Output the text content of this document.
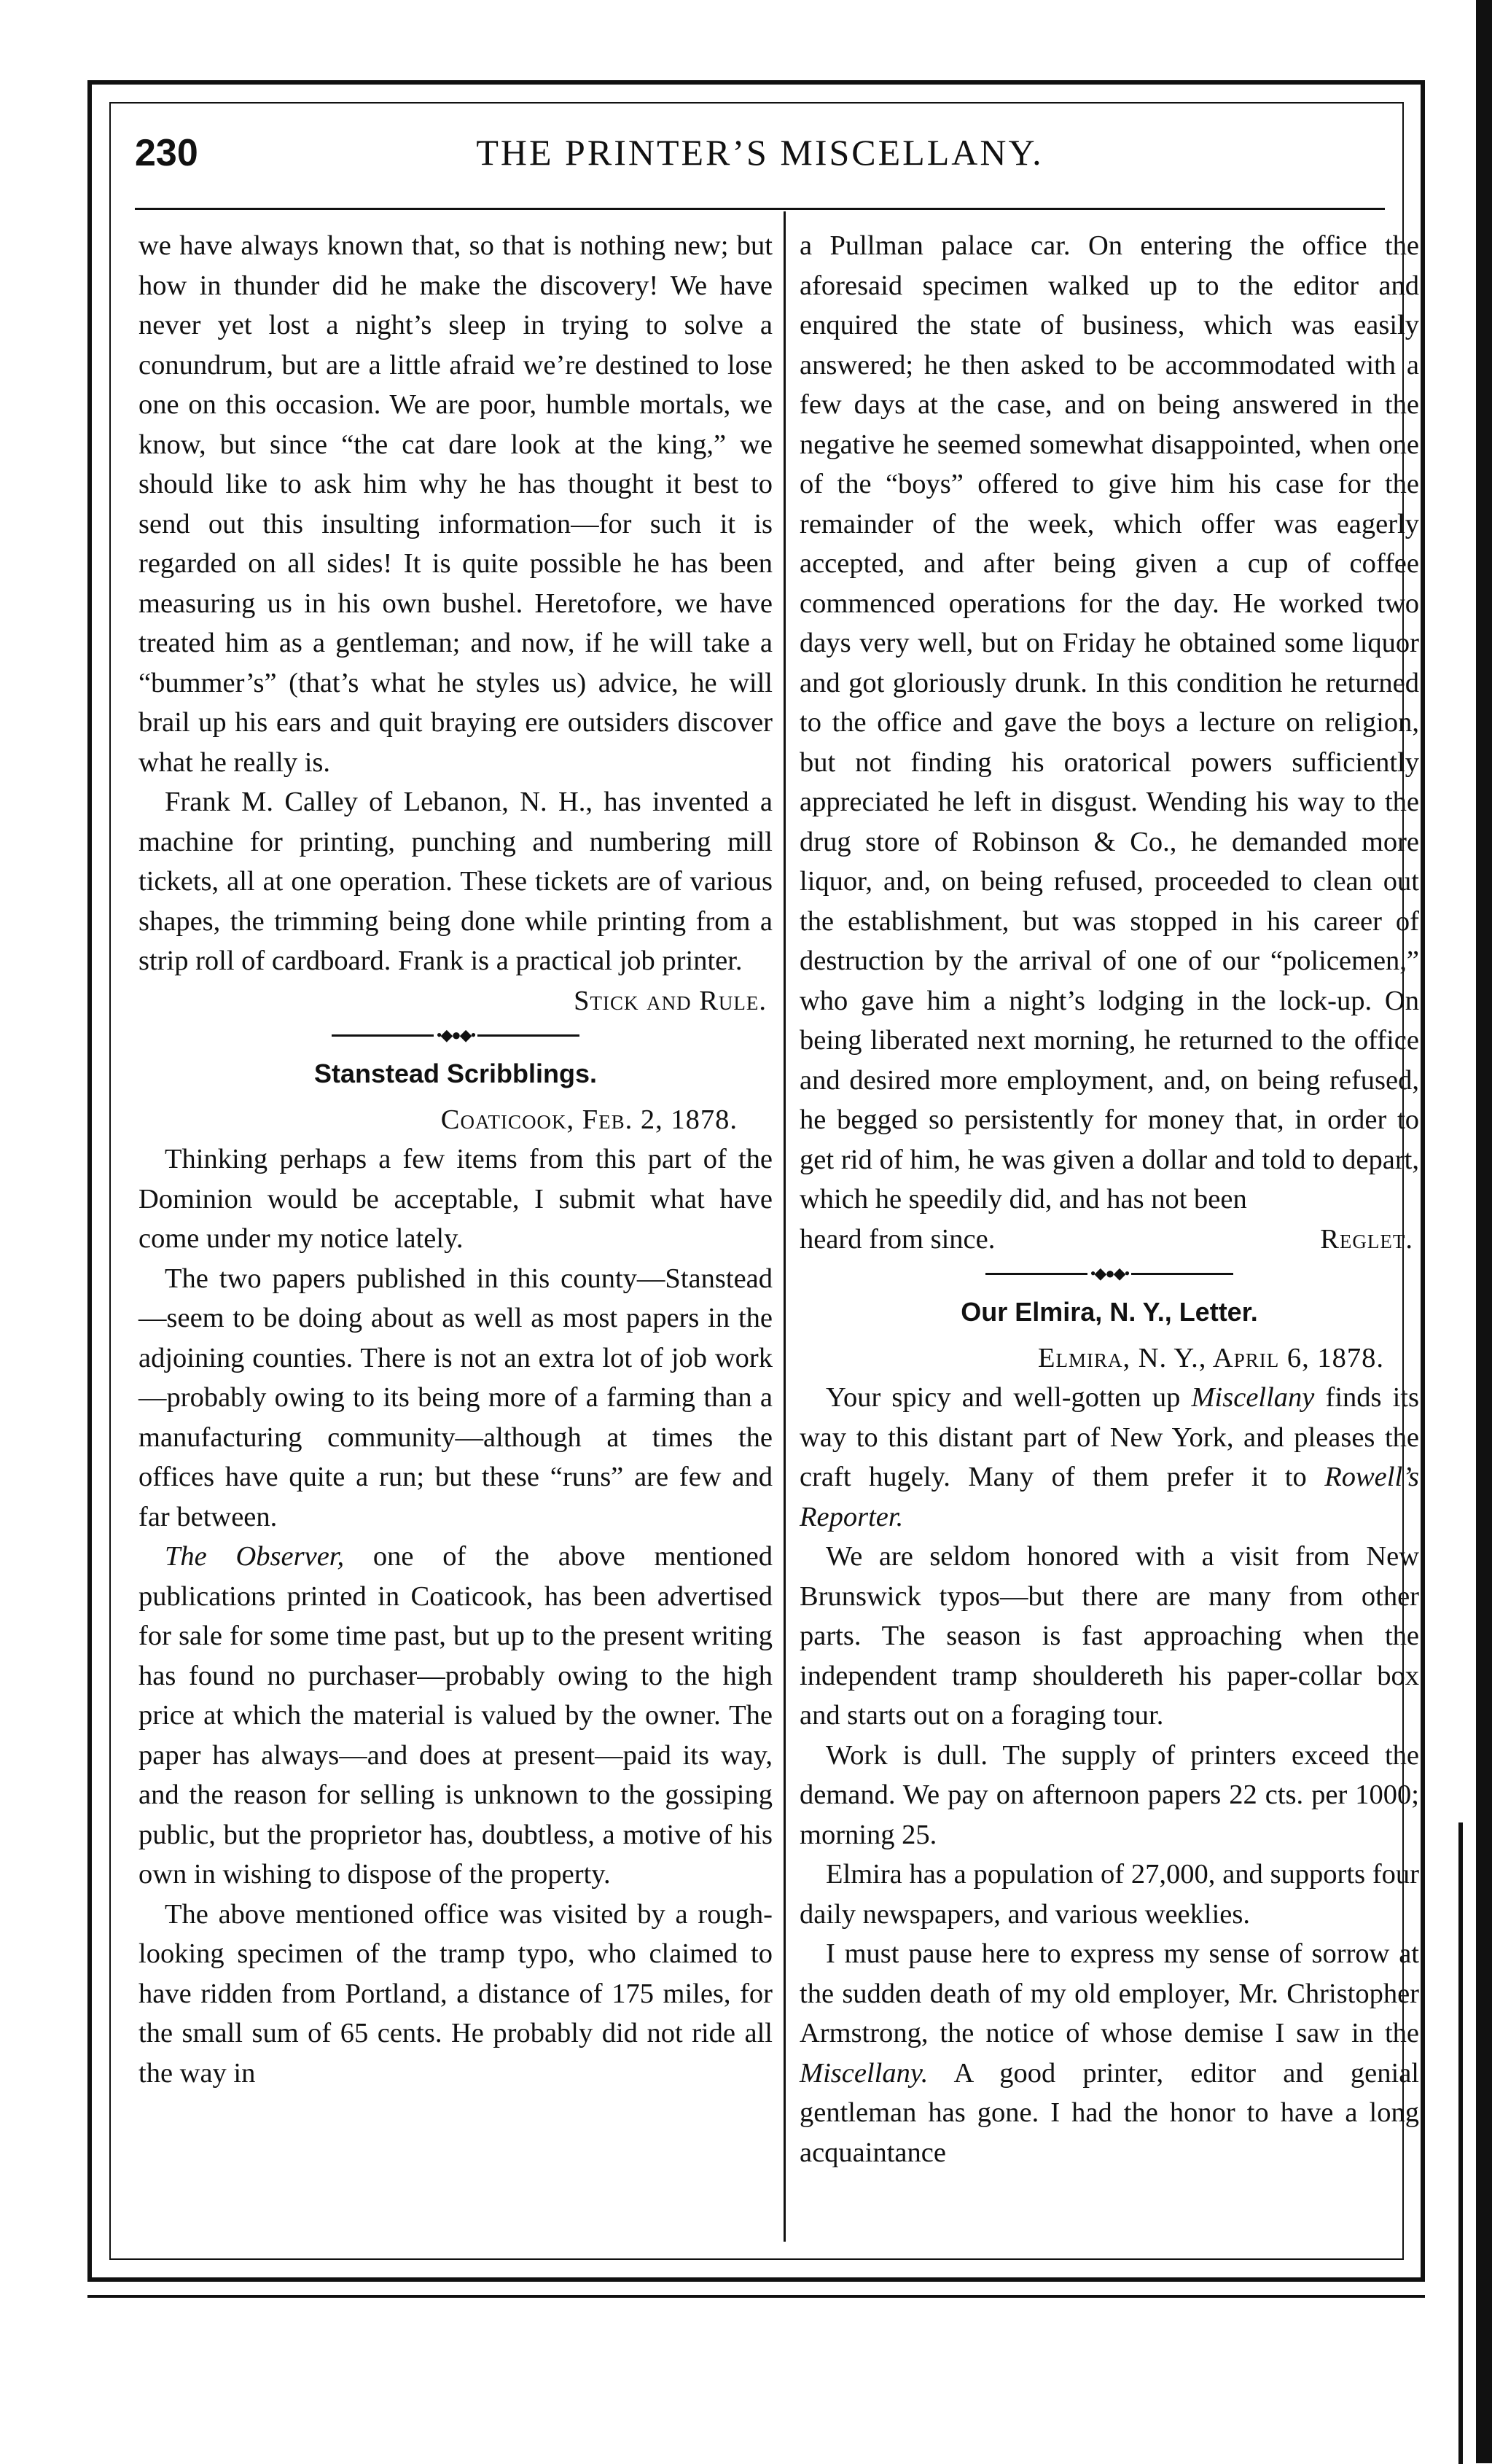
THE PRINTER’S MISCELLANY.
230

we have always known that, so that is nothing new; but how in thunder did he make the discovery! We have never yet lost a night’s sleep in trying to solve a conundrum, but are a little afraid we’re destined to lose one on this occasion. We are poor, humble mortals, we know, but since “the cat dare look at the king,” we should like to ask him why he has thought it best to send out this insulting information—for such it is regarded on all sides! It is quite possible he has been measuring us in his own bushel. Heretofore, we have treated him as a gentleman; and now, if he will take a “bummer’s” (that’s what he styles us) advice, he will brail up his ears and quit braying ere outsiders discover what he really is.

Frank M. Calley of Lebanon, N. H., has invented a machine for printing, punching and numbering mill tickets, all at one operation. These tickets are of various shapes, the trimming being done while printing from a strip roll of cardboard. Frank is a practical job printer.

Stick and Rule.
•◆●◆•
Stanstead Scribblings.
Coaticook, Feb. 2, 1878.

Thinking perhaps a few items from this part of the Dominion would be acceptable, I submit what have come under my notice lately.

The two papers published in this county—Stanstead—seem to be doing about as well as most papers in the adjoining counties. There is not an extra lot of job work—probably owing to its being more of a farming than a manufacturing community—although at times the offices have quite a run; but these “runs” are few and far between.

The Observer, one of the above mentioned publications printed in Coaticook, has been advertised for sale for some time past, but up to the present writing has found no purchaser—probably owing to the high price at which the material is valued by the owner. The paper has always—and does at present—paid its way, and the reason for selling is unknown to the gossiping public, but the proprietor has, doubtless, a motive of his own in wishing to dispose of the property.

The above mentioned office was visited by a rough-looking specimen of the tramp typo, who claimed to have ridden from Portland, a distance of 175 miles, for the small sum of 65 cents. He probably did not ride all the way in

a Pullman palace car. On entering the office the aforesaid specimen walked up to the editor and enquired the state of business, which was easily answered; he then asked to be accommodated with a few days at the case, and on being answered in the negative he seemed somewhat disappointed, when one of the “boys” offered to give him his case for the remainder of the week, which offer was eagerly accepted, and after being given a cup of coffee commenced operations for the day. He worked two days very well, but on Friday he obtained some liquor and got gloriously drunk. In this condition he returned to the office and gave the boys a lecture on religion, but not finding his oratorical powers sufficiently appreciated he left in disgust. Wending his way to the drug store of Robinson & Co., he demanded more liquor, and, on being refused, proceeded to clean out the establishment, but was stopped in his career of destruction by the arrival of one of our “policemen,” who gave him a night’s lodging in the lock-up. On being liberated next morning, he returned to the office and desired more employment, and, on being refused, he begged so persistently for money that, in order to get rid of him, he was given a dollar and told to depart, which he speedily did, and has not been

heard from since.	Reglet.
•◆●◆•
Our Elmira, N. Y., Letter.
Elmira, N. Y., April 6, 1878.

Your spicy and well-gotten up Miscellany finds its way to this distant part of New York, and pleases the craft hugely. Many of them prefer it to Rowell’s Reporter.

We are seldom honored with a visit from New Brunswick typos—but there are many from other parts. The season is fast approaching when the independent tramp shouldereth his paper-collar box and starts out on a foraging tour.

Work is dull. The supply of printers exceed the demand. We pay on afternoon papers 22 cts. per 1000; morning 25.

Elmira has a population of 27,000, and supports four daily newspapers, and various weeklies.

I must pause here to express my sense of sorrow at the sudden death of my old employer, Mr. Christopher Armstrong, the notice of whose demise I saw in the Miscellany. A good printer, editor and genial gentleman has gone. I had the honor to have a long acquaintance
